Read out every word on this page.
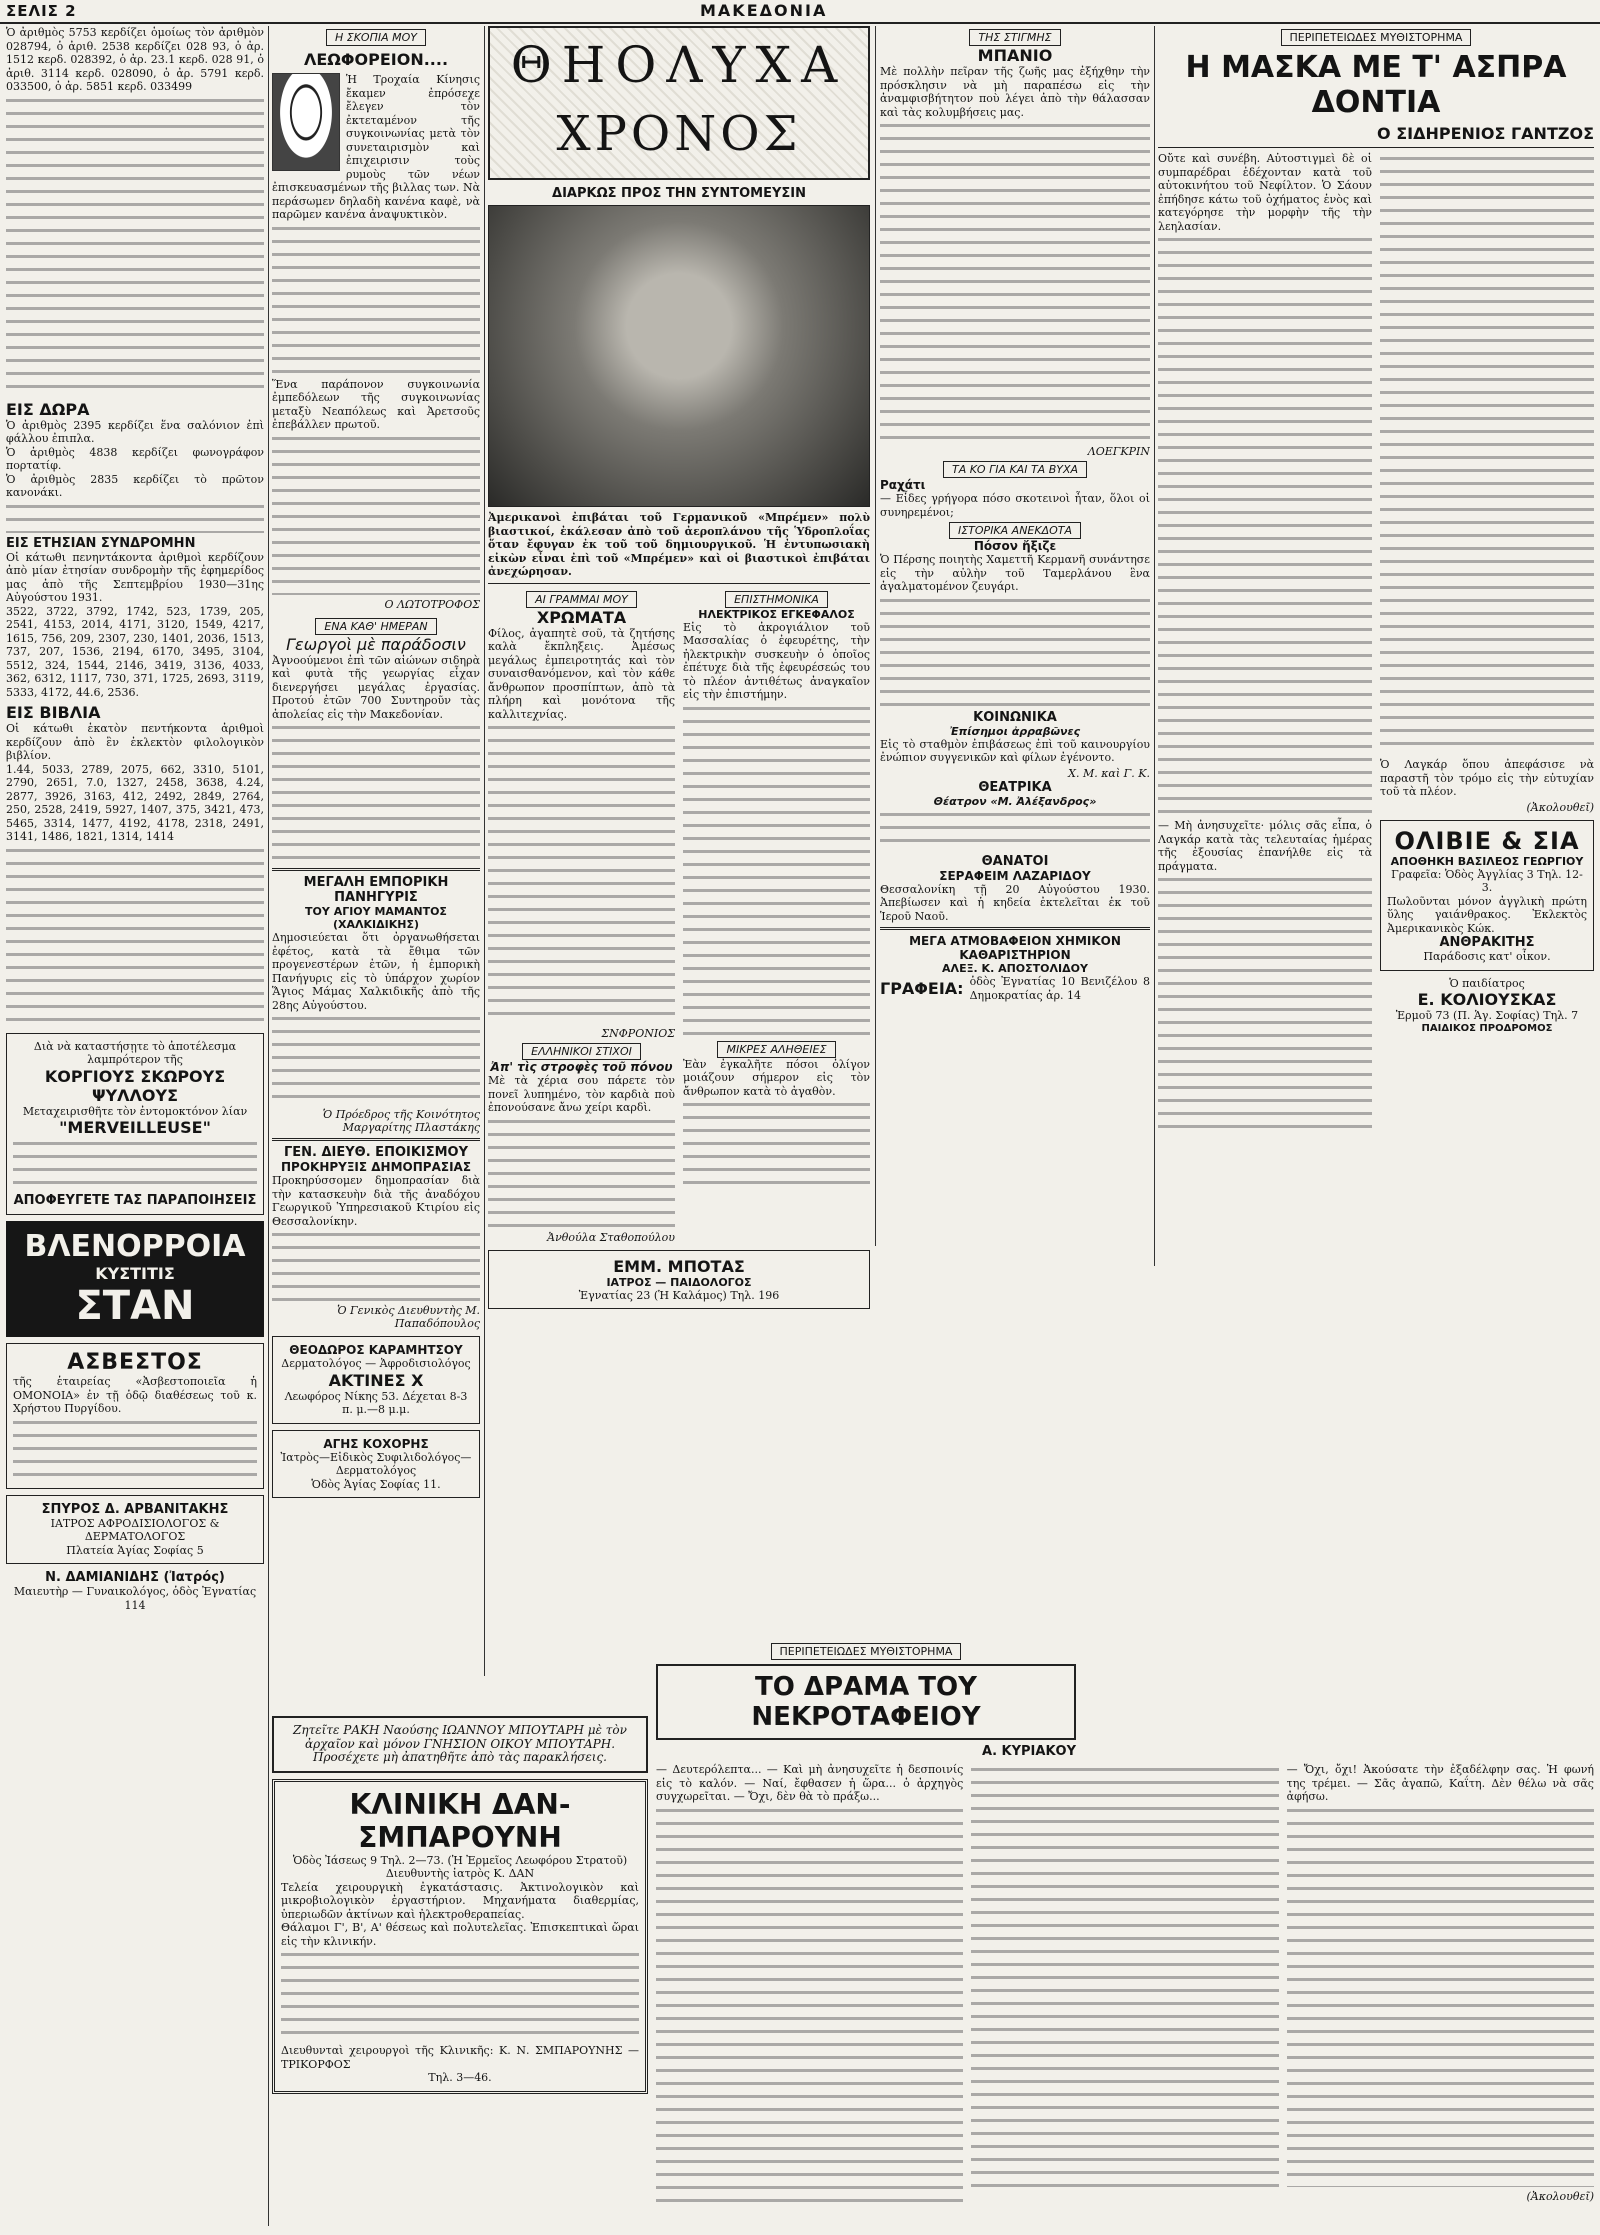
ΣΕΛΙΣ 2	ΜΑΚΕΔΟΝΙΑ

Ὁ ἀριθμὸς 5753 κερδίζει ὁμοίως τὸν ἀριθμὸν 028794, ὁ ἀριθ. 2538 κερδίζει 028 93, ὁ ἀρ. 1512 κερδ. 028392, ὁ ἀρ. 23.1 κερδ. 028 91, ὁ ἀριθ. 3114 κερδ. 028090, ὁ ἀρ. 5791 κερδ. 033500, ὁ ἀρ. 5851 κερδ. 033499

ΕΙΣ ΔΩΡΑ

Ὁ ἀριθμὸς 2395 κερδίζει ἕνα σαλόνιον ἐπὶ φάλλου ἐπιπλα.

Ὁ ἀριθμὸς 4838 κερδίζει φωνογράφον πορτατίφ.

Ὁ ἀριθμὸς 2835 κερδίζει τὸ πρῶτον κανονάκι.

ΕΙΣ ΕΤΗΣΙΑΝ ΣΥΝΔΡΟΜΗΝ

Οἱ κάτωθι πενηντάκοντα ἀριθμοὶ κερδίζουν ἀπὸ μίαν ἐτησίαν συνδρομὴν τῆς ἐφημερίδος μας ἀπὸ τῆς Σεπτεμβρίου 1930—31ης Αὐγούστου 1931.

3522, 3722, 3792, 1742, 523, 1739, 205, 2541, 4153, 2014, 4171, 3120, 1549, 4217, 1615, 756, 209, 2307, 230, 1401, 2036, 1513, 737, 207, 1536, 2194, 6170, 3495, 3104, 5512, 324, 1544, 2146, 3419, 3136, 4033, 362, 6312, 1117, 730, 371, 1725, 2693, 3119, 5333, 4172, 44.6, 2536.

ΕΙΣ ΒΙΒΛΙΑ

Οἱ κάτωθι ἑκατὸν πεντήκοντα ἀριθμοὶ κερδίζουν ἀπὸ ἓν ἐκλεκτὸν φιλολογικὸν βιβλίον.

1.44, 5033, 2789, 2075, 662, 3310, 5101, 2790, 2651, 7.0, 1327, 2458, 3638, 4.24, 2877, 3926, 3163, 412, 2492, 2849, 2764, 250, 2528, 2419, 5927, 1407, 375, 3421, 473, 5465, 3314, 1477, 4192, 4178, 2318, 2491, 3141, 1486, 1821, 1314, 1414

Διὰ νὰ καταστήσῃτε τὸ ἀποτέλεσμα λαμπρότερον τῆς

ΚΟΡΓΙΟΥΣ ΣΚΩΡΟΥΣ ΨΥΛΛΟΥΣ

Μεταχειρισθῆτε τὸν ἐντομοκτόνον λίαν

"MERVEILLEUSE"
ΑΠΟΦΕΥΓΕΤΕ ΤΑΣ ΠΑΡΑΠΟΙΗΣΕΙΣ
ΒΛΕΝΟΡΡΟΙΑ
ΚΥΣΤΙΤΙΣ
ΣΤΑΝ
ΑΣΒΕΣΤΟΣ

τῆς ἑταιρείας «Ἀσβεστοποιεῖα ἡ ΟΜΟΝΟΙΑ» ἐν τῇ ὁδῷ διαθέσεως τοῦ κ. Χρήστου Πυργίδου.

ΣΠΥΡΟΣ Δ. ΑΡΒΑΝΙΤΑΚΗΣ

ΙΑΤΡΟΣ ΑΦΡΟΔΙΣΙΟΛΟΓΟΣ & ΔΕΡΜΑΤΟΛΟΓΟΣ

Πλατεία Ἁγίας Σοφίας 5

Ν. ΔΑΜΙΑΝΙΔΗΣ (Ἰατρός)

Μαιευτὴρ — Γυναικολόγος, ὁδὸς Ἐγνατίας 114

Η ΣΚΟΠΙΑ ΜΟΥ
ΛΕΩΦΟΡΕΙΟΝ....

Ἡ Τροχαία Κίνησις ἔκαμεν ἐπρόσεχε ἔλεγεν τὸν ἐκτεταμένον τῆς συγκοινωνίας μετὰ τὸν συνεταιρισμὸν καὶ ἐπιχειρισιν τοὺς ρυμοὺς τῶν νέων ἐπισκευασμένων τῆς βιλλας των. Νὰ περάσωμεν δηλαδὴ κανένα καφὲ, νὰ παρῶμεν κανένα ἀναψυκτικὸν.

Ἕνα παράπονον συγκοινωνία ἐμπεδόλεων τῆς συγκοινωνίας μεταξὺ Νεαπόλεως καὶ Ἀρετσοῦς ἐπεβάλλεν πρωτοῦ.

Ο ΛΩΤΟΤΡΟΦΟΣ
ΕΝΑ ΚΑΘ' ΗΜΕΡΑΝ
Γεωργοὶ μὲ παράδοσιν

Ἀγνοούμενοι ἐπὶ τῶν αἰώνων σιδηρὰ καὶ φυτὰ τῆς γεωργίας εἶχαν διενεργήσει μεγάλας ἐργασίας. Προτού ἐτῶν 700 Συντηροῦν τὰς ἀπολείας εἰς τὴν Μακεδονίαν.

ΜΕΓΑΛΗ ΕΜΠΟΡΙΚΗ ΠΑΝΗΓΥΡΙΣ
ΤΟΥ ΑΓΙΟΥ ΜΑΜΑΝΤΟΣ (ΧΑΛΚΙΔΙΚΗΣ)

Δημοσιεύεται ὅτι ὀργανωθήσεται ἐφέτος, κατὰ τὰ ἔθιμα τῶν προγενεστέρων ἐτῶν, ἡ ἐμπορικὴ Πανήγυρις εἰς τὸ ὑπάρχον χωρίον Ἅγιος Μάμας Χαλκιδικῆς ἀπὸ τῆς 28ης Αὐγούστου.

Ὁ Πρόεδρος τῆς Κοινότητος Μαργαρίτης Πλαστάκης
ΓΕΝ. ΔΙΕΥΘ. ΕΠΟΙΚΙΣΜΟΥ
ΠΡΟΚΗΡΥΞΙΣ ΔΗΜΟΠΡΑΣΙΑΣ

Προκηρύσσομεν δημοπρασίαν διὰ τὴν κατασκευὴν διὰ τῆς ἀναδόχου Γεωργικοῦ Ὑπηρεσιακοῦ Κτιρίου εἰς Θεσσαλονίκην.

Ὁ Γενικὸς Διευθυντὴς Μ. Παπαδόπουλος
ΘΕΟΔΩΡΟΣ ΚΑΡΑΜΗΤΣΟΥ

Δερματολόγος — Ἀφροδισιολόγος

ΑΚΤΙΝΕΣ Χ

Λεωφόρος Νίκης 53. Δέχεται 8-3 π. μ.—8 μ.μ.

ΑΓΗΣ ΚΟΧΟΡΗΣ

Ἰατρὸς—Εἰδικὸς Συφιλιδολόγος—Δερματολόγος

Ὁδὸς Ἁγίας Σοφίας 11.

ΘΗΟΛΥΧΑ
ΧΡΟΝΟΣ
ΔΙΑΡΚΩΣ ΠΡΟΣ ΤΗΝ ΣΥΝΤΟΜΕΥΣΙΝ

Ἀμερικανοὶ ἐπιβάται τοῦ Γερμανικοῦ «Μπρέμεν» πολὺ βιαστικοί, ἐκάλεσαν ἀπὸ τοῦ ἀεροπλάνου τῆς Ὑδροπλοΐας ὅταν ἔφυγαν ἐκ τοῦ τοῦ δημιουργικοῦ. Ἡ ἐντυπωσιακὴ εἰκὼν εἶναι ἐπὶ τοῦ «Μπρέμεν» καὶ οἱ βιαστικοὶ ἐπιβάται ἀνεχώρησαν.

ΑΙ ΓΡΑΜΜΑΙ ΜΟΥ
ΧΡΩΜΑΤΑ

Φίλος, ἀγαπητὲ σοῦ, τὰ ζητήσης καλὰ ἔκπληξεις. Ἀμέσως μεγάλως ἐμπειροτητάς καὶ τὸν συναισθανόμενον, καὶ τὸν κάθε ἄνθρωπον προσπίπτων, ἀπὸ τὰ πλήρη καὶ μονότονα τῆς καλλιτεχνίας.

ΣΝΦΡΟΝΙΟΣ
ΕΛΛΗΝΙΚΟΙ ΣΤΙΧΟΙ
Ἀπ' τὶς στροφὲς τοῦ πόνου

Μὲ τὰ χέρια σου πάρετε τὸν πονεῖ λυπημένο, τὸν καρδιὰ ποὺ ἐπονούσανε ἄνω χείρι καρδὶ.

Ἀνθούλα Σταθοπούλου
ΕΠΙΣΤΗΜΟΝΙΚΑ
ΗΛΕΚΤΡΙΚΟΣ ΕΓΚΕΦΑΛΟΣ

Εἰς τὸ ἀκρογιάλιον τοῦ Μασσαλίας ὁ ἐφευρέτης, τὴν ἡλεκτρικὴν συσκευὴν ὁ ὁποῖος ἐπέτυχε διὰ τῆς ἐφευρέσεώς του τὸ πλέον ἀντιθέτως ἀναγκαῖον εἰς τὴν ἐπιστήμην.

ΜΙΚΡΕΣ ΑΛΗΘΕΙΕΣ

Ἐὰν ἐγκαλῆτε πόσοι ὀλίγον μοιάζουν σήμερον εἰς τὸν ἄνθρωπον κατὰ τὸ ἀγαθὸν.

ΕΜΜ. ΜΠΟΤΑΣ
ΙΑΤΡΟΣ — ΠΑΙΔΟΛΟΓΟΣ

Ἐγνατίας 23 (Ἡ Καλάμος) Τηλ. 196

ΤΗΣ ΣΤΙΓΜΗΣ
ΜΠΑΝΙΟ

Μὲ πολλὴν πεῖραν τῆς ζωῆς μας ἐξήχθην τὴν πρόσκλησιν νὰ μὴ παραπέσω εἰς τὴν ἀναμφισβήτητον ποὺ λέγει ἀπὸ τὴν θάλασσαν καὶ τὰς κολυμβήσεις μας.

ΛΟΕΓΚΡΙΝ
ΤΑ ΚΟ ΓΙΑ ΚΑΙ ΤΑ ΒΥΧΑ
Ραχάτι

— Εἶδες γρήγορα πόσο σκοτεινοὶ ἦταν, ὅλοι οἱ συνηρεμένοι;

ΙΣΤΟΡΙΚΑ ΑΝΕΚΔΟΤΑ
Πόσον ἤξιζε

Ὁ Πέρσης ποιητὴς Χαμεττῆ Κερμανῆ συνάντησε εἰς τὴν αὐλὴν τοῦ Ταμερλάνου ἓνα ἀγαλματομένον ζευγάρι.

ΚΟΙΝΩΝΙΚΑ
Ἐπίσημοι ἀρραβῶνες

Εἰς τὸ σταθμὸν ἐπιβάσεως ἐπὶ τοῦ καινουργίου ἐνώπιον συγγενικῶν καὶ φίλων ἐγένοντο.

Χ. Μ. καὶ Γ. Κ.
ΘΕΑΤΡΙΚΑ
Θέατρον «Μ. Ἀλέξανδρος»
ΘΑΝΑΤΟΙ
ΣΕΡΑΦΕΙΜ ΛΑΖΑΡΙΔΟΥ

Θεσσαλονίκη τῇ 20 Αὐγούστου 1930. Ἀπεβίωσεν καὶ ἡ κηδεία ἐκτελεῖται ἐκ τοῦ Ἱεροῦ Ναοῦ.

ΜΕΓΑ ΑΤΜΟΒΑΦΕΙΟΝ ΧΗΜΙΚΟΝ ΚΑΘΑΡΙΣΤΗΡΙΟΝ
ΑΛΕΞ. Κ. ΑΠΟΣΤΟΛΙΔΟΥ
ΓΡΑΦΕΙΑ: ὁδὸς Ἐγνατίας 10 Βενιζέλου 8 Δημοκρατίας ἀρ. 14

ΠΕΡΙΠΕΤΕΙΩΔΕΣ ΜΥΘΙΣΤΟΡΗΜΑ
Η ΜΑΣΚΑ ΜΕ Τ' ΑΣΠΡΑ ΔΟΝΤΙΑ
Ο ΣΙΔΗΡΕΝΙΟΣ ΓΑΝΤΖΟΣ

Οὔτε καὶ συνέβη. Αὐτοστιγμεὶ δὲ οἱ συμπαρέδραι ἐδέχονταν κατὰ τοῦ αὐτοκινήτου τοῦ Νεφίλτον. Ὁ Σάουν ἐπήδησε κάτω τοῦ ὀχήματος ἑνὸς καὶ κατεγόρησε τὴν μορφὴν τῆς τὴν λεηλασίαν.

— Μὴ ἀνησυχεῖτε· μόλις σᾶς εἶπα, ὁ Λαγκάρ κατὰ τὰς τελευταίας ἡμέρας τῆς ἐξουσίας ἐπανήλθε εἰς τὰ πράγματα.

Ὁ Λαγκάρ ὅπου ἀπεφάσισε νὰ παραστῆ τὸν τρόμο εἰς τὴν εὐτυχίαν τοῦ τὰ πλέον.

(Ἀκολουθεῖ)
ΟΛΙΒΙΕ & ΣΙΑ
ΑΠΟΘΗΚΗ ΒΑΣΙΛΕΟΣ ΓΕΩΡΓΙΟΥ

Γραφεῖα: Ὁδὸς Ἀγγλίας 3 Τηλ. 12-3.

Πωλοῦνται μόνον ἀγγλικὴ πρώτη ὕλης γαιάνθρακος. Ἐκλεκτὸς Ἀμερικανικὸς Κώκ.

ΑΝΘΡΑΚΙΤΗΣ

Παράδοσις κατ' οἶκον.

Ὁ παιδίατρος

Ε. ΚΟΛΙΟΥΣΚΑΣ

Ἑρμοῦ 73 (Π. Ἁγ. Σοφίας) Τηλ. 7

ΠΑΙΔΙΚΟΣ ΠΡΟΔΡΟΜΟΣ

Ζητεῖτε ΡΑΚΗ Ναούσης ΙΩΑΝΝΟΥ ΜΠΟΥΤΑΡΗ μὲ τὸν ἀρχαῖον καὶ μόνον ΓΝΗΣΙΟΝ ΟΙΚΟΥ ΜΠΟΥΤΑΡΗ. Προσέχετε μὴ ἀπατηθῆτε ἀπὸ τὰς παρακλήσεις.

ΚΛΙΝΙΚΗ ΔΑΝ-ΣΜΠΑΡΟΥΝΗ

Ὁδὸς Ἰάσεως 9 Τηλ. 2—73. (Ἡ Ἐρμεῖος Λεωφόρου Στρατοῦ) Διευθυντὴς ἰατρὸς Κ. ΔΑΝ

Τελεία χειρουργικὴ ἐγκατάστασις. Ἀκτινολογικὸν καὶ μικροβιολογικὸν ἐργαστήριον. Μηχανήματα διαθερμίας, ὑπεριωδῶν ἀκτίνων καὶ ἠλεκτροθεραπείας.

Θάλαμοι Γ', Β', Α' θέσεως καὶ πολυτελεῖας. Ἐπισκεπτικαὶ ὥραι εἰς τὴν κλινικήν.

Διευθυνταὶ χειρουργοὶ τῆς Κλινικῆς: Κ. Ν. ΣΜΠΑΡΟΥΝΗΣ — ΤΡΙΚΟΡΦΟΣ

Τηλ. 3—46.

ΠΕΡΙΠΕΤΕΙΩΔΕΣ ΜΥΘΙΣΤΟΡΗΜΑ
ΤΟ ΔΡΑΜΑ ΤΟΥ ΝΕΚΡΟΤΑΦΕΙΟΥ
Α. ΚΥΡΙΑΚΟΥ

— Δευτερόλεπτα... — Καὶ μὴ ἀνησυχεῖτε ἡ δεσποινίς εἰς τὸ καλόν. — Ναί, ἔφθασεν ἡ ὥρα... ὁ ἀρχηγὸς συγχωρεῖται. — Ὄχι, δὲν θὰ τὸ πράξω...

— Ὄχι, ὄχι! Ἀκούσατε τὴν ἐξαδέλφην σας. Ἡ φωνή της τρέμει. — Σᾶς ἀγαπῶ, Καΐτη. Δὲν θέλω νὰ σᾶς ἀφήσω.

(Ἀκολουθεῖ)
